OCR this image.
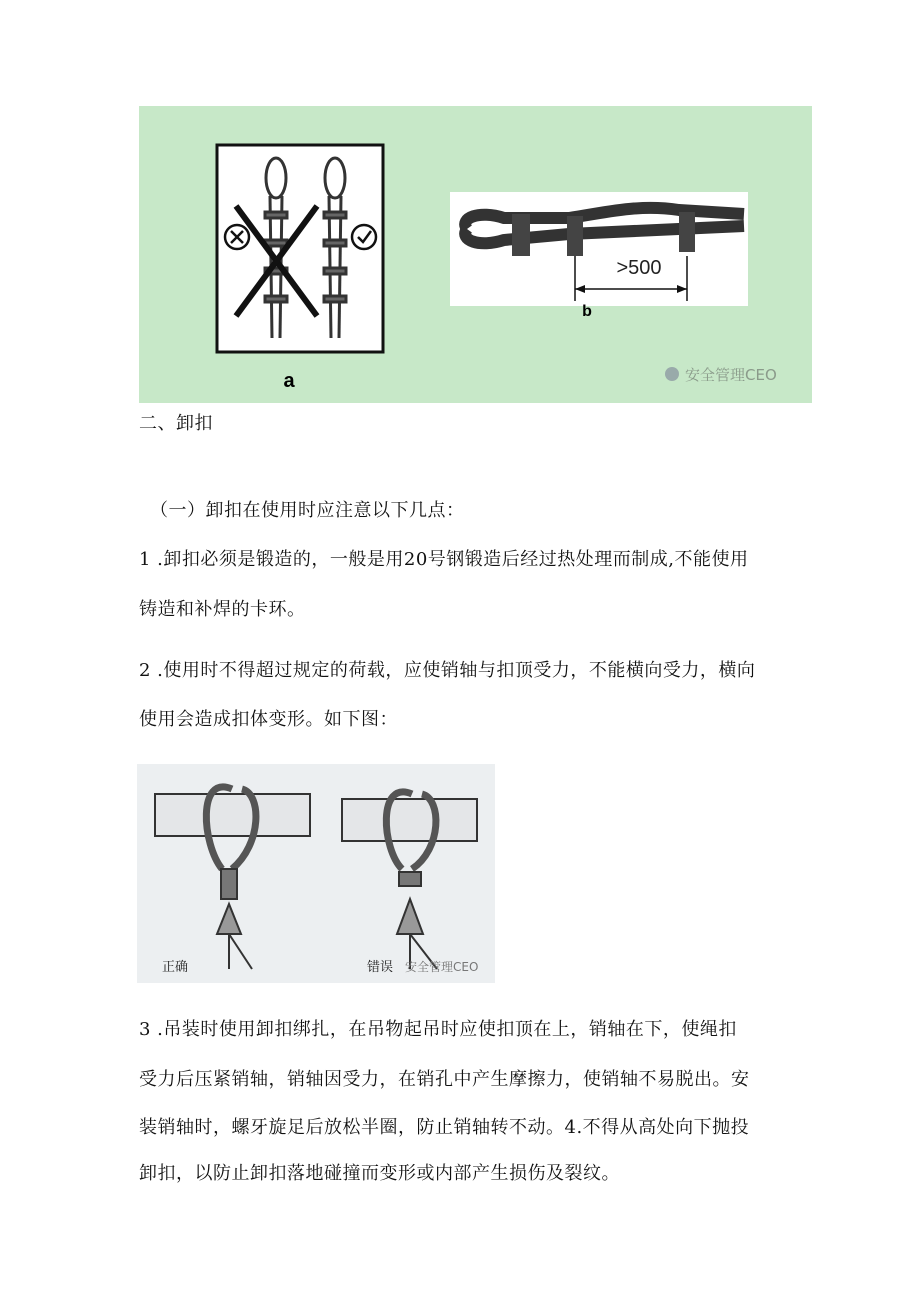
a
>500
b
安全管理CEO
二、卸扣
（一）卸扣在使用时应注意以下几点：
1 .卸扣必须是锻造的，一般是用20号钢锻造后经过热处理而制成,不能使用
铸造和补焊的卡环。
2 .使用时不得超过规定的荷载，应使销轴与扣顶受力，不能横向受力，横向
使用会造成扣体变形。如下图：
正确	错误 安全管理CEO
3 .吊装时使用卸扣绑扎，在吊物起吊时应使扣顶在上，销轴在下，使绳扣
受力后压紧销轴，销轴因受力，在销孔中产生摩擦力，使销轴不易脱出。安
装销轴时，螺牙旋足后放松半圈，防止销轴转不动。4.不得从高处向下抛投
卸扣，以防止卸扣落地碰撞而变形或内部产生损伤及裂纹。
